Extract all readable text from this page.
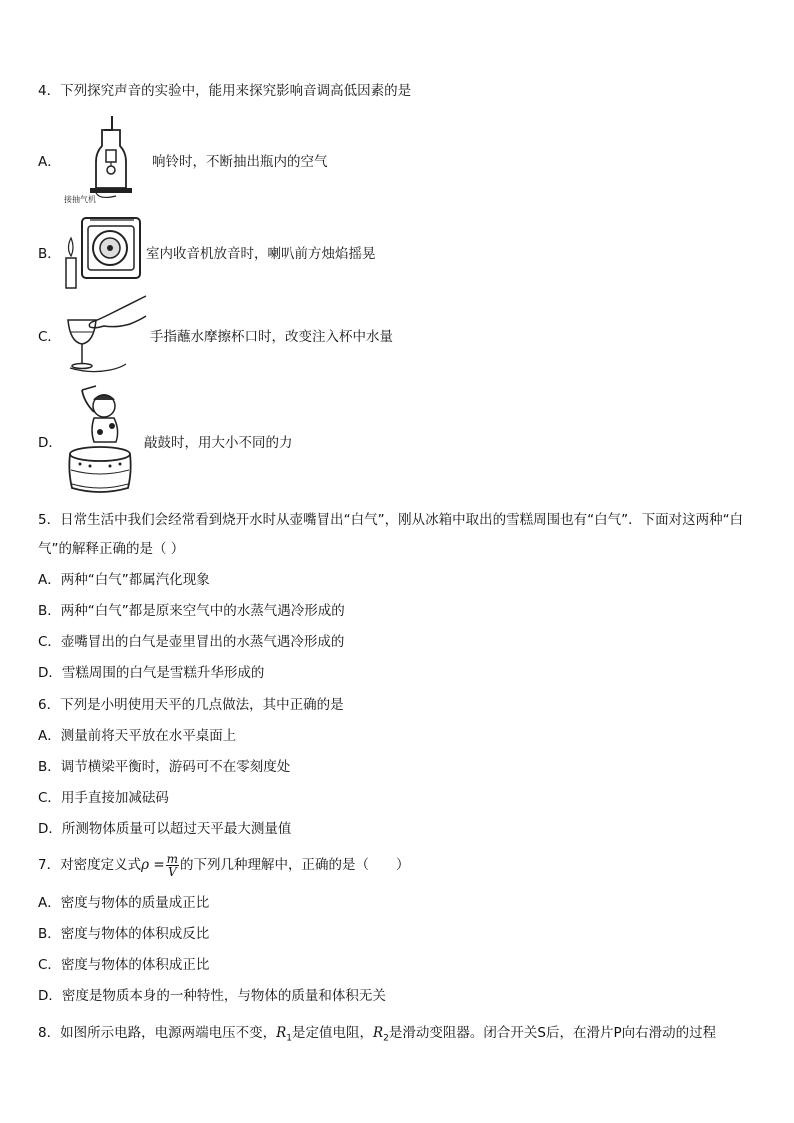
4．下列探究声音的实验中，能用来探究影响音调高低因素的是
A．
接抽气机
响铃时，不断抽出瓶内的空气
B．	室内收音机放音时，喇叭前方烛焰摇晃
C．	手指蘸水摩擦杯口时，改变注入杯中水量
D．	敲鼓时，用大小不同的力
5．日常生活中我们会经常看到烧开水时从壶嘴冒出“白气”，刚从冰箱中取出的雪糕周围也有“白气”．下面对这两种“白
气”的解释正确的是（ ）
A．两种“白气”都属汽化现象
B．两种“白气”都是原来空气中的水蒸气遇冷形成的
C．壶嘴冒出的白气是壶里冒出的水蒸气遇冷形成的
D．雪糕周围的白气是雪糕升华形成的
6．下列是小明使用天平的几点做法，其中正确的是
A．测量前将天平放在水平桌面上
B．调节横梁平衡时，游码可不在零刻度处
C．用手直接加减砝码
D．所测物体质量可以超过天平最大测量值
7．对密度定义式$\rho = \frac{m}{V}$ 的下列几种理解中，正确的是（　　）
A．密度与物体的质量成正比
B．密度与物体的体积成反比
C．密度与物体的体积成正比
D．密度是物质本身的一种特性，与物体的质量和体积无关
8．如图所示电路，电源两端电压不变，$R_1$是定值电阻，$R_2$是滑动变阻器。闭合开关S后，在滑片P向右滑动的过程
